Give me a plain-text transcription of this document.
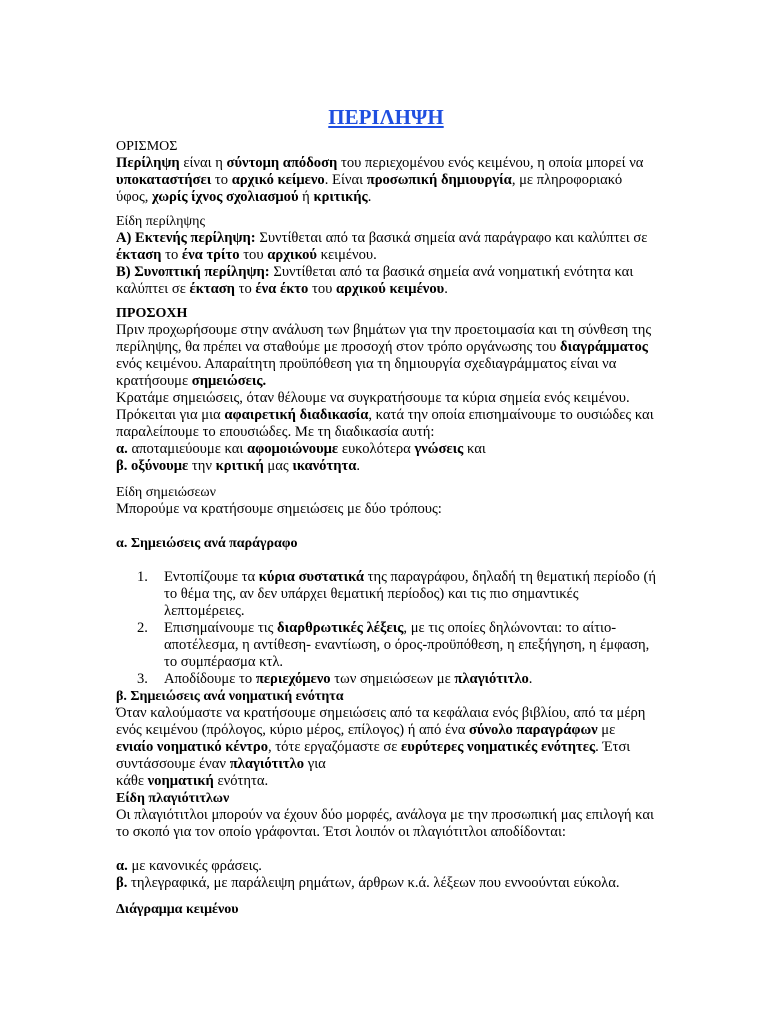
ΠΕΡΙΛΗΨΗ
ΟΡΙΣΜΟΣ

Περίληψη είναι η σύντομη απόδοση του περιεχομένου ενός κειμένου, η οποία μπορεί να υποκαταστήσει το αρχικό κείμενο. Είναι προσωπική δημιουργία, με πληροφοριακό ύφος, χωρίς ίχνος σχολιασμού ή κριτικής.

Είδη περίληψης

Α) Εκτενής περίληψη: Συντίθεται από τα βασικά σημεία ανά παράγραφο και καλύπτει σε έκταση το ένα τρίτο του αρχικού κειμένου.

Β) Συνοπτική περίληψη: Συντίθεται από τα βασικά σημεία ανά νοηματική ενότητα και καλύπτει σε έκταση το ένα έκτο του αρχικού κειμένου.

ΠΡΟΣΟΧΗ

Πριν προχωρήσουμε στην ανάλυση των βημάτων για την προετοιμασία και τη σύνθεση της περίληψης, θα πρέπει να σταθούμε με προσοχή στον τρόπο οργάνωσης του διαγράμματος ενός κειμένου. Απαραίτητη προϋπόθεση για τη δημιουργία σχεδιαγράμματος είναι να κρατήσουμε σημειώσεις.

Κρατάμε σημειώσεις, όταν θέλουμε να συγκρατήσουμε τα κύρια σημεία ενός κειμένου. Πρόκειται για μια αφαιρετική διαδικασία, κατά την οποία επισημαίνουμε το ουσιώδες και παραλείπουμε το επουσιώδες. Με τη διαδικασία αυτή:

α. αποταμιεύουμε και αφομοιώνουμε ευκολότερα γνώσεις και

β. οξύνουμε την κριτική μας ικανότητα.

Είδη σημειώσεων

Μπορούμε να κρατήσουμε σημειώσεις με δύο τρόπους:

α. Σημειώσεις ανά παράγραφο
1. Εντοπίζουμε τα κύρια συστατικά της παραγράφου, δηλαδή τη θεματική περίοδο (ή το θέμα της, αν δεν υπάρχει θεματική περίοδος) και τις πιο σημαντικές λεπτομέρειες.
2. Επισημαίνουμε τις διαρθρωτικές λέξεις, με τις οποίες δηλώνονται: το αίτιο-αποτέλεσμα, η αντίθεση- εναντίωση, ο όρος-προϋπόθεση, η επεξήγηση, η έμφαση, το συμπέρασμα κτλ.
3. Αποδίδουμε το περιεχόμενο των σημειώσεων με πλαγιότιτλο.
β. Σημειώσεις ανά νοηματική ενότητα

Όταν καλούμαστε να κρατήσουμε σημειώσεις από τα κεφάλαια ενός βιβλίου, από τα μέρη ενός κειμένου (πρόλογος, κύριο μέρος, επίλογος) ή από ένα σύνολο παραγράφων με ενιαίο νοηματικό κέντρο, τότε εργαζόμαστε σε ευρύτερες νοηματικές ενότητες. Έτσι συντάσσουμε έναν πλαγιότιτλο για

κάθε νοηματική ενότητα.

Είδη πλαγιότιτλων

Οι πλαγιότιτλοι μπορούν να έχουν δύο μορφές, ανάλογα με την προσωπική μας επιλογή και το σκοπό για τον οποίο γράφονται. Έτσι λοιπόν οι πλαγιότιτλοι αποδίδονται:

α. με κανονικές φράσεις.

β. τηλεγραφικά, με παράλειψη ρημάτων, άρθρων κ.ά. λέξεων που εννοούνται εύκολα.

Διάγραμμα κειμένου
